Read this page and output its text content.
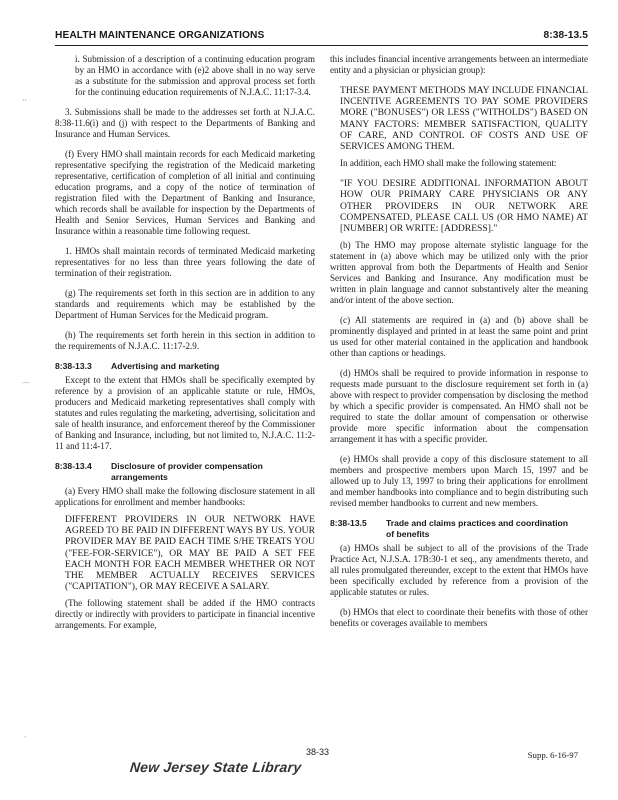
HEALTH MAINTENANCE ORGANIZATIONS	8:38-13.5
‘‘
—
‛

i. Submission of a description of a continuing education program by an HMO in accordance with (e)2 above shall in no way serve as a substitute for the submission and approval process set forth for the continuing education requirements of N.J.A.C. 11:17-3.4.

3. Submissions shall be made to the addresses set forth at N.J.A.C. 8:38-11.6(i) and (j) with respect to the Departments of Banking and Insurance and Human Services.

(f) Every HMO shall maintain records for each Medicaid marketing representative specifying the registration of the Medicaid marketing representative, certification of completion of all initial and continuing education programs, and a copy of the notice of termination of registration filed with the Department of Banking and Insurance, which records shall be available for inspection by the Departments of Health and Senior Services, Human Services and Banking and Insurance within a reasonable time following request.

1. HMOs shall maintain records of terminated Medicaid marketing representatives for no less than three years following the date of termination of their registration.

(g) The requirements set forth in this section are in addition to any standards and requirements which may be established by the Department of Human Services for the Medicaid program.

(h) The requirements set forth herein in this section in addition to the requirements of N.J.A.C. 11:17-2.9.

8:38-13.3	Advertising and marketing

Except to the extent that HMOs shall be specifically exempted by reference by a provision of an applicable statute or rule, HMOs, producers and Medicaid marketing representatives shall comply with statutes and rules regulating the marketing, advertising, solicitation and sale of health insurance, and enforcement thereof by the Commissioner of Banking and Insurance, including, but not limited to, N.J.A.C. 11:2-11 and 11:4-17.

8:38-13.4	Disclosure of provider compensation arrangements

(a) Every HMO shall make the following disclosure statement in all applications for enrollment and member handbooks:

DIFFERENT PROVIDERS IN OUR NETWORK HAVE AGREED TO BE PAID IN DIFFERENT WAYS BY US. YOUR PROVIDER MAY BE PAID EACH TIME S/HE TREATS YOU ("FEE-FOR-SERVICE"), OR MAY BE PAID A SET FEE EACH MONTH FOR EACH MEMBER WHETHER OR NOT THE MEMBER ACTUALLY RECEIVES SERVICES ("CAPITATION"), OR MAY RECEIVE A SALARY.

(The following statement shall be added if the HMO contracts directly or indirectly with providers to participate in financial incentive arrangements. For example,

this includes financial incentive arrangements between an intermediate entity and a physician or physician group):

THESE PAYMENT METHODS MAY INCLUDE FINANCIAL INCENTIVE AGREEMENTS TO PAY SOME PROVIDERS MORE ("BONUSES") OR LESS ("WITHOLDS") BASED ON MANY FACTORS: MEMBER SATISFACTION, QUALITY OF CARE, AND CONTROL OF COSTS AND USE OF SERVICES AMONG THEM.

In addition, each HMO shall make the following statement:

"IF YOU DESIRE ADDITIONAL INFORMATION ABOUT HOW OUR PRIMARY CARE PHYSICIANS OR ANY OTHER PROVIDERS IN OUR NETWORK ARE COMPENSATED, PLEASE CALL US (OR HMO NAME) AT [NUMBER] OR WRITE: [ADDRESS]."

(b) The HMO may propose alternate stylistic language for the statement in (a) above which may be utilized only with the prior written approval from both the Departments of Health and Senior Services and Banking and Insurance. Any modification must be written in plain language and cannot substantively alter the meaning and/or intent of the above section.

(c) All statements are required in (a) and (b) above shall be prominently displayed and printed in at least the same point and print us used for other material contained in the application and handbook other than captions or headings.

(d) HMOs shall be required to provide information in response to requests made pursuant to the disclosure requirement set forth in (a) above with respect to provider compensation by disclosing the method by which a specific provider is compensated. An HMO shall not be required to state the dollar amount of compensation or otherwise provide more specific information about the compensation arrangement it has with a specific provider.

(e) HMOs shall provide a copy of this disclosure statement to all members and prospective members upon March 15, 1997 and be allowed up to July 13, 1997 to bring their applications for enrollment and member handbooks into compliance and to begin distributing such revised member handbooks to current and new members.

8:38-13.5	Trade and claims practices and coordination of benefits

(a) HMOs shall be subject to all of the provisions of the Trade Practice Act, N.J.S.A. 17B:30-1 et seq., any amendments thereto, and all rules promulgated thereunder, except to the extent that HMOs have been specifically excluded by reference from a provision of the applicable statutes or rules.

(b) HMOs that elect to coordinate their benefits with those of other benefits or coverages available to members

38-33	Supp. 6-16-97
New Jersey State Library
